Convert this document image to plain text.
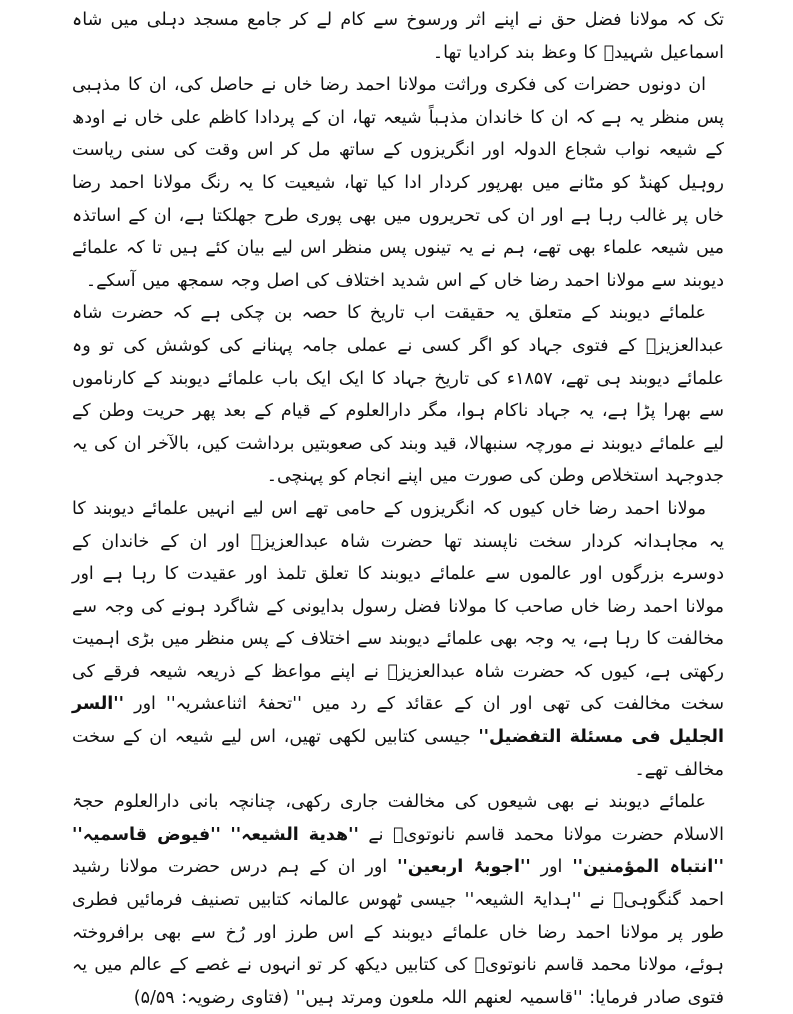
تک کہ مولانا فضل حق نے اپنے اثر ورسوخ سے کام لے کر جامع مسجد دہلی میں شاہ اسماعیل شہیدؒ کا وعظ بند کرادیا تھا۔

ان دونوں حضرات کی فکری وراثت مولانا احمد رضا خاں نے حاصل کی، ان کا مذہبی پس منظر یہ ہے کہ ان کا خاندان مذہباً شیعہ تھا، ان کے پردادا کاظم علی خاں نے اودھ کے شیعہ نواب شجاع الدولہ اور انگریزوں کے ساتھ مل کر اس وقت کی سنی ریاست روہیل کھنڈ کو مٹانے میں بھرپور کردار ادا کیا تھا، شیعیت کا یہ رنگ مولانا احمد رضا خاں پر غالب رہا ہے اور ان کی تحریروں میں بھی پوری طرح جھلکتا ہے، ان کے اساتذہ میں شیعہ علماء بھی تھے، ہم نے یہ تینوں پس منظر اس لیے بیان کئے ہیں تا کہ علمائے دیوبند سے مولانا احمد رضا خاں کے اس شدید اختلاف کی اصل وجہ سمجھ میں آسکے۔

علمائے دیوبند کے متعلق یہ حقیقت اب تاریخ کا حصہ بن چکی ہے کہ حضرت شاہ عبدالعزیزؒ کے فتوی جہاد کو اگر کسی نے عملی جامہ پہنانے کی کوشش کی تو وہ علمائے دیوبند ہی تھے، ۱۸۵۷ء کی تاریخ جہاد کا ایک ایک باب علمائے دیوبند کے کارناموں سے بھرا پڑا ہے، یہ جہاد ناکام ہوا، مگر دارالعلوم کے قیام کے بعد پھر حریت وطن کے لیے علمائے دیوبند نے مورچہ سنبھالا، قید وبند کی صعوبتیں برداشت کیں، بالآخر ان کی یہ جدوجہد استخلاص وطن کی صورت میں اپنے انجام کو پہنچی۔

مولانا احمد رضا خاں کیوں کہ انگریزوں کے حامی تھے اس لیے انہیں علمائے دیوبند کا یہ مجاہدانہ کردار سخت ناپسند تھا حضرت شاہ عبدالعزیزؒ اور ان کے خاندان کے دوسرے بزرگوں اور عالموں سے علمائے دیوبند کا تعلق تلمذ اور عقیدت کا رہا ہے اور مولانا احمد رضا خاں صاحب کا مولانا فضل رسول بدایونی کے شاگرد ہونے کی وجہ سے مخالفت کا رہا ہے، یہ وجہ بھی علمائے دیوبند سے اختلاف کے پس منظر میں بڑی اہمیت رکھتی ہے، کیوں کہ حضرت شاہ عبدالعزیزؒ نے اپنے مواعظ کے ذریعہ شیعہ فرقے کی سخت مخالفت کی تھی اور ان کے عقائد کے رد میں ''تحفۂ اثناعشریہ'' اور ''السر الجلیل فی مسئلة التفضیل'' جیسی کتابیں لکھی تھیں، اس لیے شیعہ ان کے سخت مخالف تھے۔

علمائے دیوبند نے بھی شیعوں کی مخالفت جاری رکھی، چنانچہ بانی دارالعلوم حجۃ الاسلام حضرت مولانا محمد قاسم نانوتویؒ نے ''ھدیة الشیعہ'' ''فیوض قاسمیہ'' ''انتباہ المؤمنین'' اور ''اجوبۂ اربعین'' اور ان کے ہم درس حضرت مولانا رشید احمد گنگوہیؒ نے ''ہدایۃ الشیعہ'' جیسی ٹھوس عالمانہ کتابیں تصنیف فرمائیں فطری طور پر مولانا احمد رضا خاں علمائے دیوبند کے اس طرز اور رُخ سے بھی برافروختہ ہوئے، مولانا محمد قاسم نانوتویؒ کی کتابیں دیکھ کر تو انہوں نے غصے کے عالم میں یہ فتوی صادر فرمایا: ''قاسمیہ لعنھم اللہ ملعون ومرتد ہیں'' (فتاوی رضویہ: ۵/۵۹)
